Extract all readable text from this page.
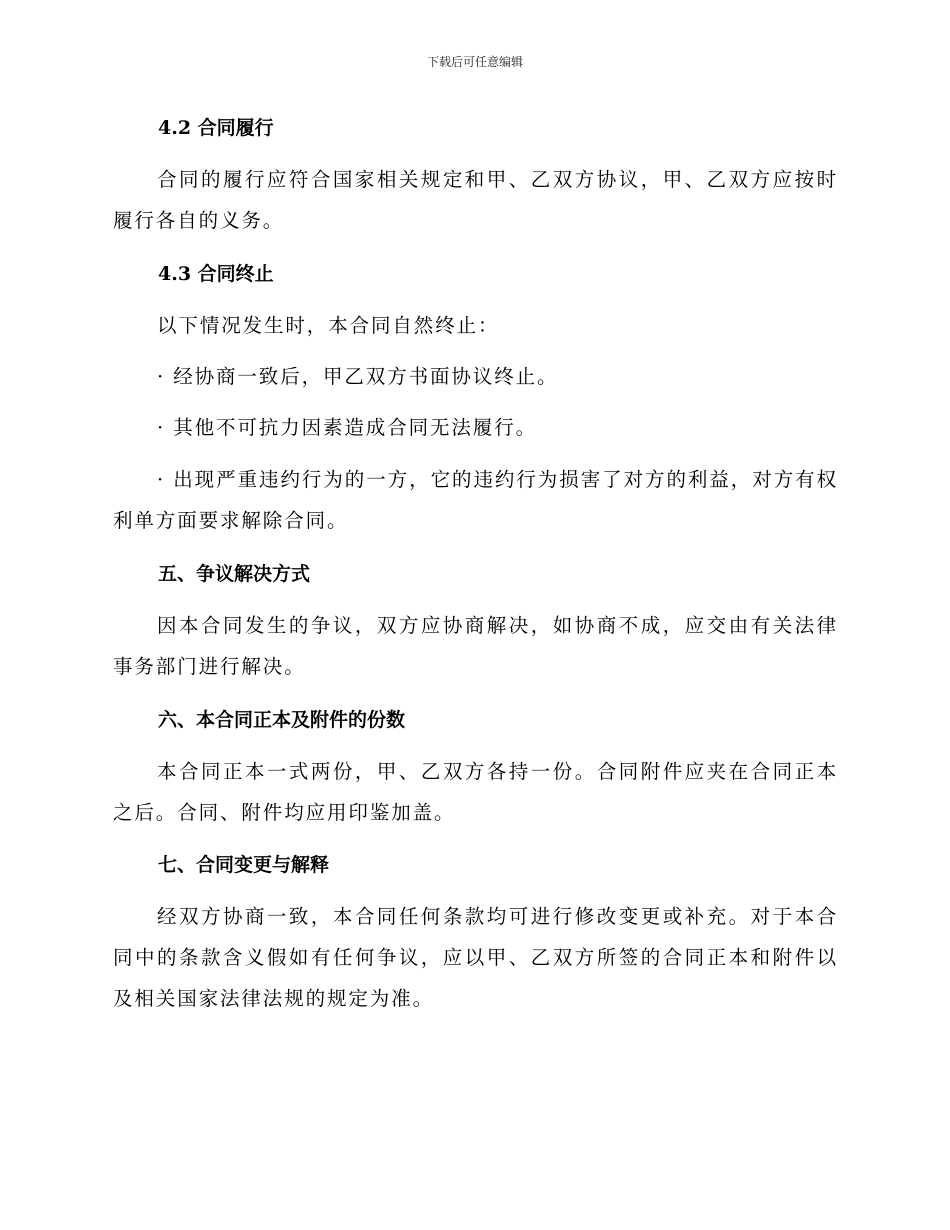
下载后可任意编辑
4.2 合同履行
合同的履行应符合国家相关规定和甲、乙双方协议，甲、乙双方应按时履行各自的义务。
4.3 合同终止
以下情况发生时，本合同自然终止：
· 经协商一致后，甲乙双方书面协议终止。
· 其他不可抗力因素造成合同无法履行。
· 出现严重违约行为的一方，它的违约行为损害了对方的利益，对方有权利单方面要求解除合同。
五、争议解决方式
因本合同发生的争议，双方应协商解决，如协商不成，应交由有关法律事务部门进行解决。
六、本合同正本及附件的份数
本合同正本一式两份，甲、乙双方各持一份。合同附件应夹在合同正本之后。合同、附件均应用印鉴加盖。
七、合同变更与解释
经双方协商一致，本合同任何条款均可进行修改变更或补充。对于本合同中的条款含义假如有任何争议，应以甲、乙双方所签的合同正本和附件以及相关国家法律法规的规定为准。
